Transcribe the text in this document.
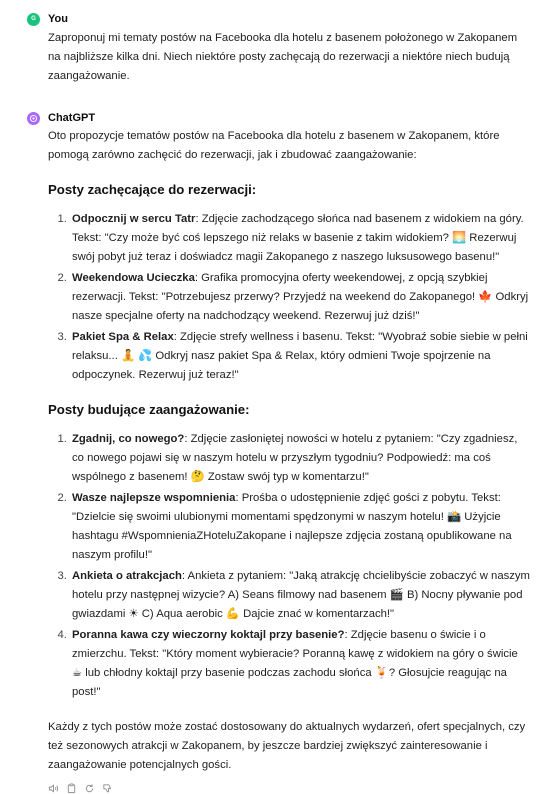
G You
Zaproponuj mi tematy postów na Facebooka dla hotelu z basenem położonego w Zakopanem na najbliższe kilka dni. Niech niektóre posty zachęcają do rezerwacji a niektóre niech budują zaangażowanie.
ChatGPT
Oto propozycje tematów postów na Facebooka dla hotelu z basenem w Zakopanem, które pomogą zarówno zachęcić do rezerwacji, jak i zbudować zaangażowanie:
Posty zachęcające do rezerwacji:
1. Odpocznij w sercu Tatr: Zdjęcie zachodzącego słońca nad basenem z widokiem na góry. Tekst: "Czy może być coś lepszego niż relaks w basenie z takim widokiem? 🌅 Rezerwuj swój pobyt już teraz i doświadcz magii Zakopanego z naszego luksusowego basenu!"
2. Weekendowa Ucieczka: Grafika promocyjna oferty weekendowej, z opcją szybkiej rezerwacji. Tekst: "Potrzebujesz przerwy? Przyjedź na weekend do Zakopanego! 🍁 Odkryj nasze specjalne oferty na nadchodzący weekend. Rezerwuj już dziś!"
3. Pakiet Spa & Relax: Zdjęcie strefy wellness i basenu. Tekst: "Wyobraź sobie siebie w pełni relaksu... 🧘 💦 Odkryj nasz pakiet Spa & Relax, który odmieni Twoje spojrzenie na odpoczynek. Rezerwuj już teraz!"
Posty budujące zaangażowanie:
1. Zgadnij, co nowego?: Zdjęcie zasłoniętej nowości w hotelu z pytaniem: "Czy zgadniesz, co nowego pojawi się w naszym hotelu w przyszłym tygodniu? Podpowiedź: ma coś wspólnego z basenem! 🤔 Zostaw swój typ w komentarzu!"
2. Wasze najlepsze wspomnienia: Prośba o udostępnienie zdjęć gości z pobytu. Tekst: "Dzielcie się swoimi ulubionymi momentami spędzonymi w naszym hotelu! 📸 Użyjcie hashtagu #WspomnieniaZHoteluZakopane i najlepsze zdjęcia zostaną opublikowane na naszym profilu!"
3. Ankieta o atrakcjach: Ankieta z pytaniem: "Jaką atrakcję chcielibyście zobaczyć w naszym hotelu przy następnej wizycie? A) Seans filmowy nad basenem 🎬 B) Nocny pływanie pod gwiazdami ☀ C) Aqua aerobic 💪 Dajcie znać w komentarzach!"
4. Poranna kawa czy wieczorny koktajl przy basenie?: Zdjęcie basenu o świcie i o zmierzchu. Tekst: "Który moment wybieracie? Poranną kawę z widokiem na góry o świcie ☕ lub chłodny koktajl przy basenie podczas zachodu słońca 🍹? Głosujcie reagując na post!"
Każdy z tych postów może zostać dostosowany do aktualnych wydarzeń, ofert specjalnych, czy też sezonowych atrakcji w Zakopanem, by jeszcze bardziej zwiększyć zainteresowanie i zaangażowanie potencjalnych gości.
